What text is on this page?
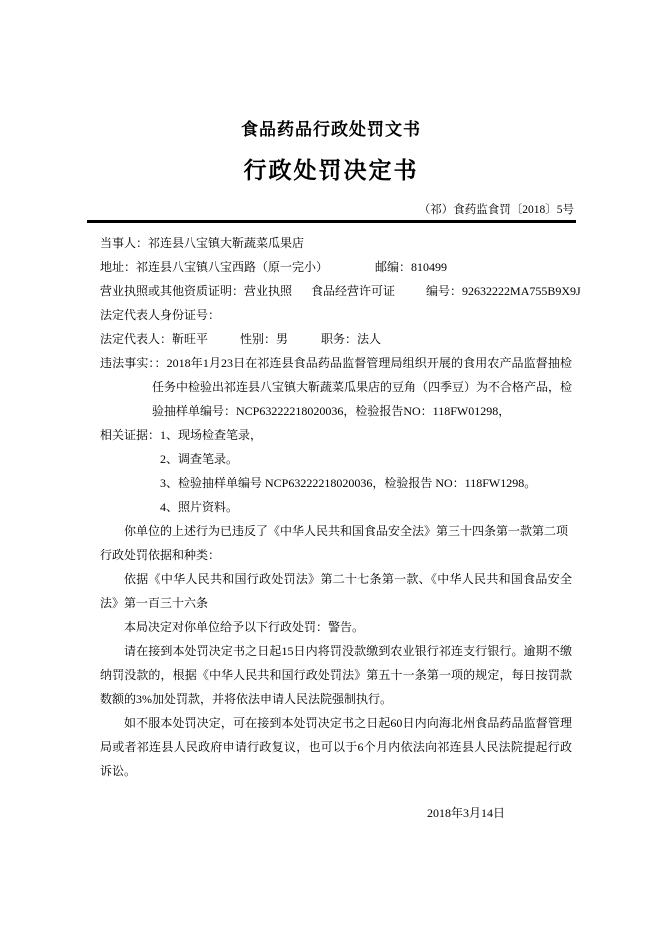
食品药品行政处罚文书
行政处罚决定书
（祁）食药监食罚〔2018〕5号
当事人：祁连县八宝镇大靳蔬菜瓜果店
地址：祁连县八宝镇八宝西路（原一完小）	邮编：810499
营业执照或其他资质证明：营业执照 食品经营许可证	编号：92632222MA755B9X9J
法定代表人身份证号：
法定代表人：靳旺平	性别：男	职务：法人
违法事实：：2018年1月23日在祁连县食品药品监督管理局组织开展的食用农产品监督抽检任务中检验出祁连县八宝镇大靳蔬菜瓜果店的豆角（四季豆）为不合格产品，检验抽样单编号：NCP63222218020036，检验报告NO：118FW01298，
相关证据：1、现场检查笔录，
2、调查笔录。
3、检验抽样单编号 NCP63222218020036，检验报告 NO：118FW1298。
4、照片资料。
你单位的上述行为已违反了《中华人民共和国食品安全法》第三十四条第一款第二项
行政处罚依据和种类：
依据《中华人民共和国行政处罚法》第二十七条第一款、《中华人民共和国食品安全法》第一百三十六条
本局决定对你单位给予以下行政处罚：警告。
请在接到本处罚决定书之日起15日内将罚没款缴到农业银行祁连支行银行。逾期不缴纳罚没款的，根据《中华人民共和国行政处罚法》第五十一条第一项的规定，每日按罚款数额的3%加处罚款，并将依法申请人民法院强制执行。
如不服本处罚决定，可在接到本处罚决定书之日起60日内向海北州食品药品监督管理局或者祁连县人民政府申请行政复议，也可以于6个月内依法向祁连县人民法院提起行政诉讼。
2018年3月14日
